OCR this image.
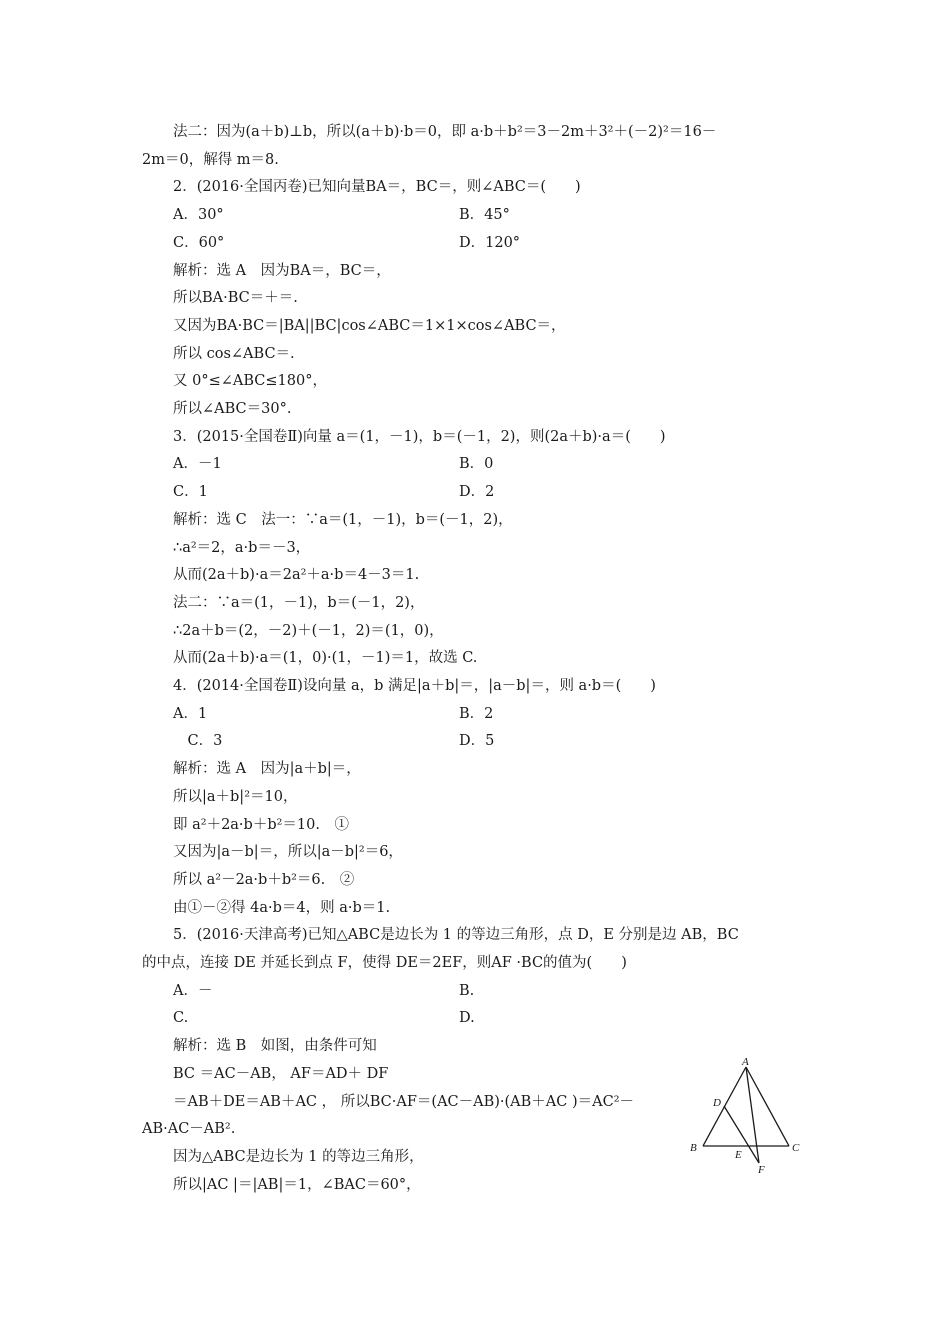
法二：因为(a＋b)⊥b，所以(a＋b)·b＝0，即 a·b＋b²＝3－2m＋3²＋(－2)²＝16－
2m＝0，解得 m＝8.
2．(2016·全国丙卷)已知向量BA＝，BC＝，则∠ABC＝(　　)
A．30°	B．45°
C．60°	D．120°
解析：选 A　因为BA＝，BC＝，
所以BA·BC＝＋＝.
又因为BA·BC＝|BA||BC|cos∠ABC＝1×1×cos∠ABC＝，
所以 cos∠ABC＝.
又 0°≤∠ABC≤180°，
所以∠ABC＝30°.
3．(2015·全国卷Ⅱ)向量 a＝(1，－1)，b＝(－1，2)，则(2a＋b)·a＝(　　)
A．－1	B．0
C．1	D．2
解析：选 C　法一：∵a＝(1，－1)，b＝(－1，2)，
∴a²＝2，a·b＝－3，
从而(2a＋b)·a＝2a²＋a·b＝4－3＝1.
法二：∵a＝(1，－1)，b＝(－1，2)，
∴2a＋b＝(2，－2)＋(－1，2)＝(1，0)，
从而(2a＋b)·a＝(1，0)·(1，－1)＝1，故选 C.
4．(2014·全国卷Ⅱ)设向量 a，b 满足|a＋b|＝，|a－b|＝，则 a·b＝(　　)
A．1	B．2
　C．3	D．5
解析：选 A　因为|a＋b|＝，
所以|a＋b|²＝10，
即 a²＋2a·b＋b²＝10.　①
又因为|a－b|＝，所以|a－b|²＝6，
所以 a²－2a·b＋b²＝6.　②
由①－②得 4a·b＝4，则 a·b＝1.
5．(2016·天津高考)已知△ABC是边长为 1 的等边三角形，点 D，E 分别是边 AB，BC
的中点，连接 DE 并延长到点 F，使得 DE＝2EF，则AF ·BC的值为(　　)
A．－	B.
C.	D.
解析：选 B　如图，由条件可知
BC ＝AC－AB， AF＝AD＋ DF
＝AB＋DE＝AB＋AC ， 所以BC·AF＝(AC－AB)·(AB＋AC )＝AC²－
AB·AC－AB².
因为△ABC是边长为 1 的等边三角形，
所以|AC |＝|AB|＝1，∠BAC＝60°，
A
B	C
D
E
F
